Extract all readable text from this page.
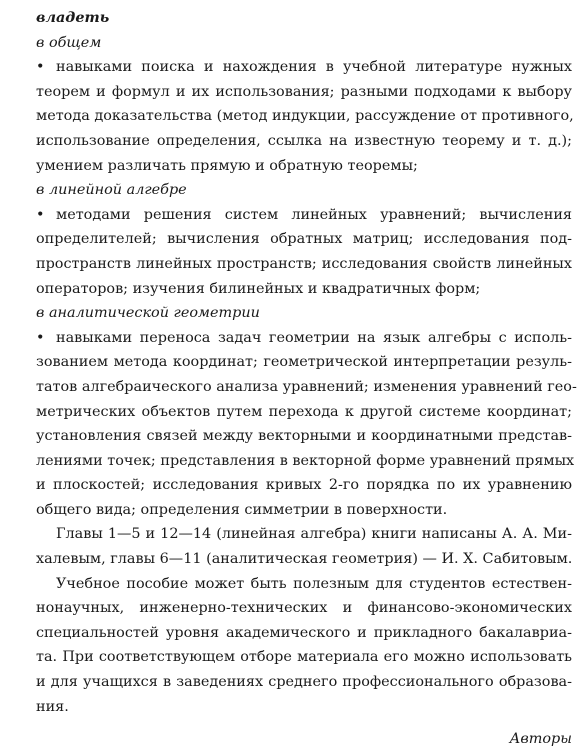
владеть
в общем
• навыками поиска и нахождения в учебной литературе нужных
теорем и формул и их использования; разными подходами к выбору
метода доказательства (метод индукции, рассуждение от противного,
использование определения, ссылка на известную теорему и т. д.);
умением различать прямую и обратную теоремы;
в линейной алгебре
• методами решения систем линейных уравнений; вычисления
определителей; вычисления обратных матриц; исследования под-
пространств линейных пространств; исследования свойств линейных
операторов; изучения билинейных и квадратичных форм;
в аналитической геометрии
• навыками переноса задач геометрии на язык алгебры с исполь-
зованием метода координат; геометрической интерпретации резуль-
татов алгебраического анализа уравнений; изменения уравнений гео-
метрических объектов путем перехода к другой системе координат;
установления связей между векторными и координатными представ-
лениями точек; представления в векторной форме уравнений прямых
и плоскостей; исследования кривых 2-го порядка по их уравнению
общего вида; определения симметрии в поверхности.
Главы 1—5 и 12—14 (линейная алгебра) книги написаны А. А. Ми-
халевым, главы 6—11 (аналитическая геометрия) — И. Х. Сабитовым.
Учебное пособие может быть полезным для студентов естествен-
нонаучных, инженерно-технических и финансово-экономических
специальностей уровня академического и прикладного бакалавриа-
та. При соответствующем отборе материала его можно использовать
и для учащихся в заведениях среднего профессионального образова-
ния.
Авторы
